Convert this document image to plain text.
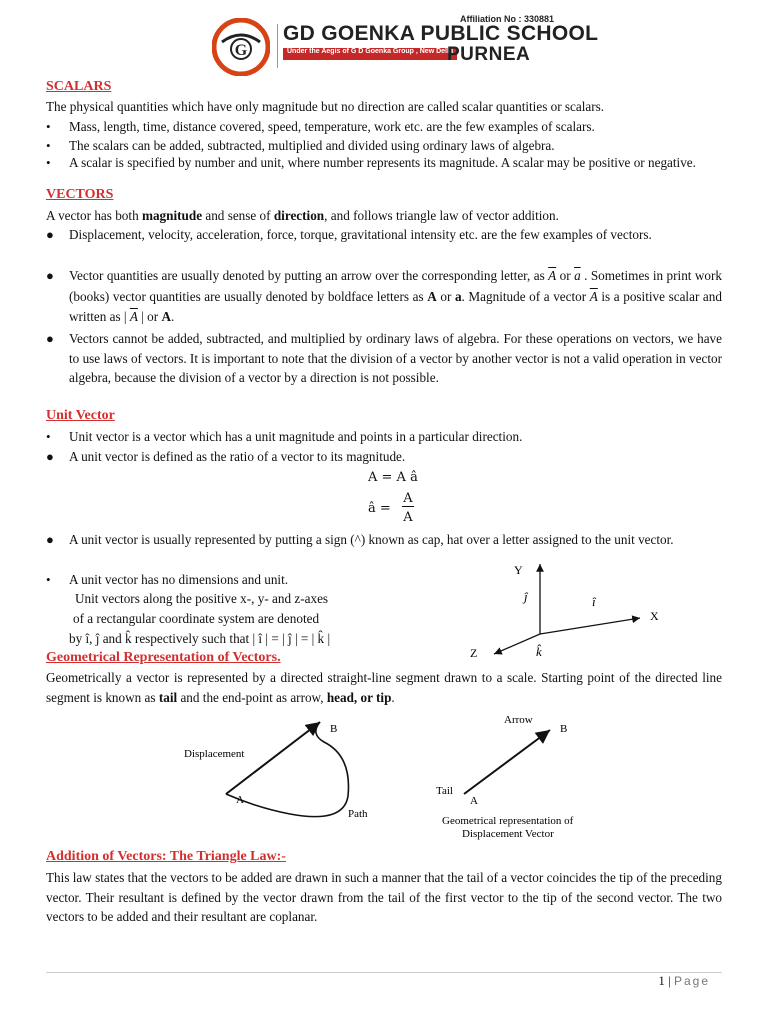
G
Affiliation No : 330881
GD GOENKA PUBLIC SCHOOL
Under the Aegis of G D Goenka Group , New Delhi
PURNEA
SCALARS
The physical quantities which have only magnitude but no direction are called scalar quantities or scalars.
• Mass, length, time, distance covered, speed, temperature, work etc. are the few examples of scalars.
• The scalars can be added, subtracted, multiplied and divided using ordinary laws of algebra.
• A scalar is specified by number and unit, where number represents its magnitude. A scalar may be positive or negative.
VECTORS
A vector has both magnitude and sense of direction, and follows triangle law of vector addition.
● Displacement, velocity, acceleration, force, torque, gravitational intensity etc. are the few examples of vectors.
● Vector quantities are usually denoted by putting an arrow over the corresponding letter, as $\overline{A}$ or $\overline{a}$ . Sometimes in print work (books) vector quantities are usually denoted by boldface letters as A or a. Magnitude of a vector $\overline{A}$ is a positive scalar and written as | $\overline{A}$ | or A.
● Vectors cannot be added, subtracted, and multiplied by ordinary laws of algebra. For these operations on vectors, we have to use laws of vectors. It is important to note that the division of a vector by another vector is not a valid operation in vector algebra, because the division of a vector by a direction is not possible.
Unit Vector
• Unit vector is a vector which has a unit magnitude and points in a particular direction.
● A unit vector is defined as the ratio of a vector to its magnitude.
A = A â
â =
A
A
● A unit vector is usually represented by putting a sign (^) known as cap, hat over a letter assigned to the unit vector.
• A unit vector has no dimensions and unit.
Unit vectors along the positive x-, y- and z-axes
of a rectangular coordinate system are denoted
by î, ĵ and k̂ respectively such that | î | = | ĵ | = | k̂ |
Y
X
Z
ĵ	î
k̂
Geometrical Representation of Vectors.
Geometrically a vector is represented by a directed straight-line segment drawn to a scale. Starting point of the directed line segment is known as tail and the end-point as arrow, head, or tip.
Displacement
A
B
Path
Arrow
B
Tail
A
Geometrical representation of
Displacement Vector
Addition of Vectors: The Triangle Law:-
This law states that the vectors to be added are drawn in such a manner that the tail of a vector coincides the tip of the preceding vector. Their resultant is defined by the vector drawn from the tail of the first vector to the tip of the second vector. The two vectors to be added and their resultant are coplanar.
1 | Page
